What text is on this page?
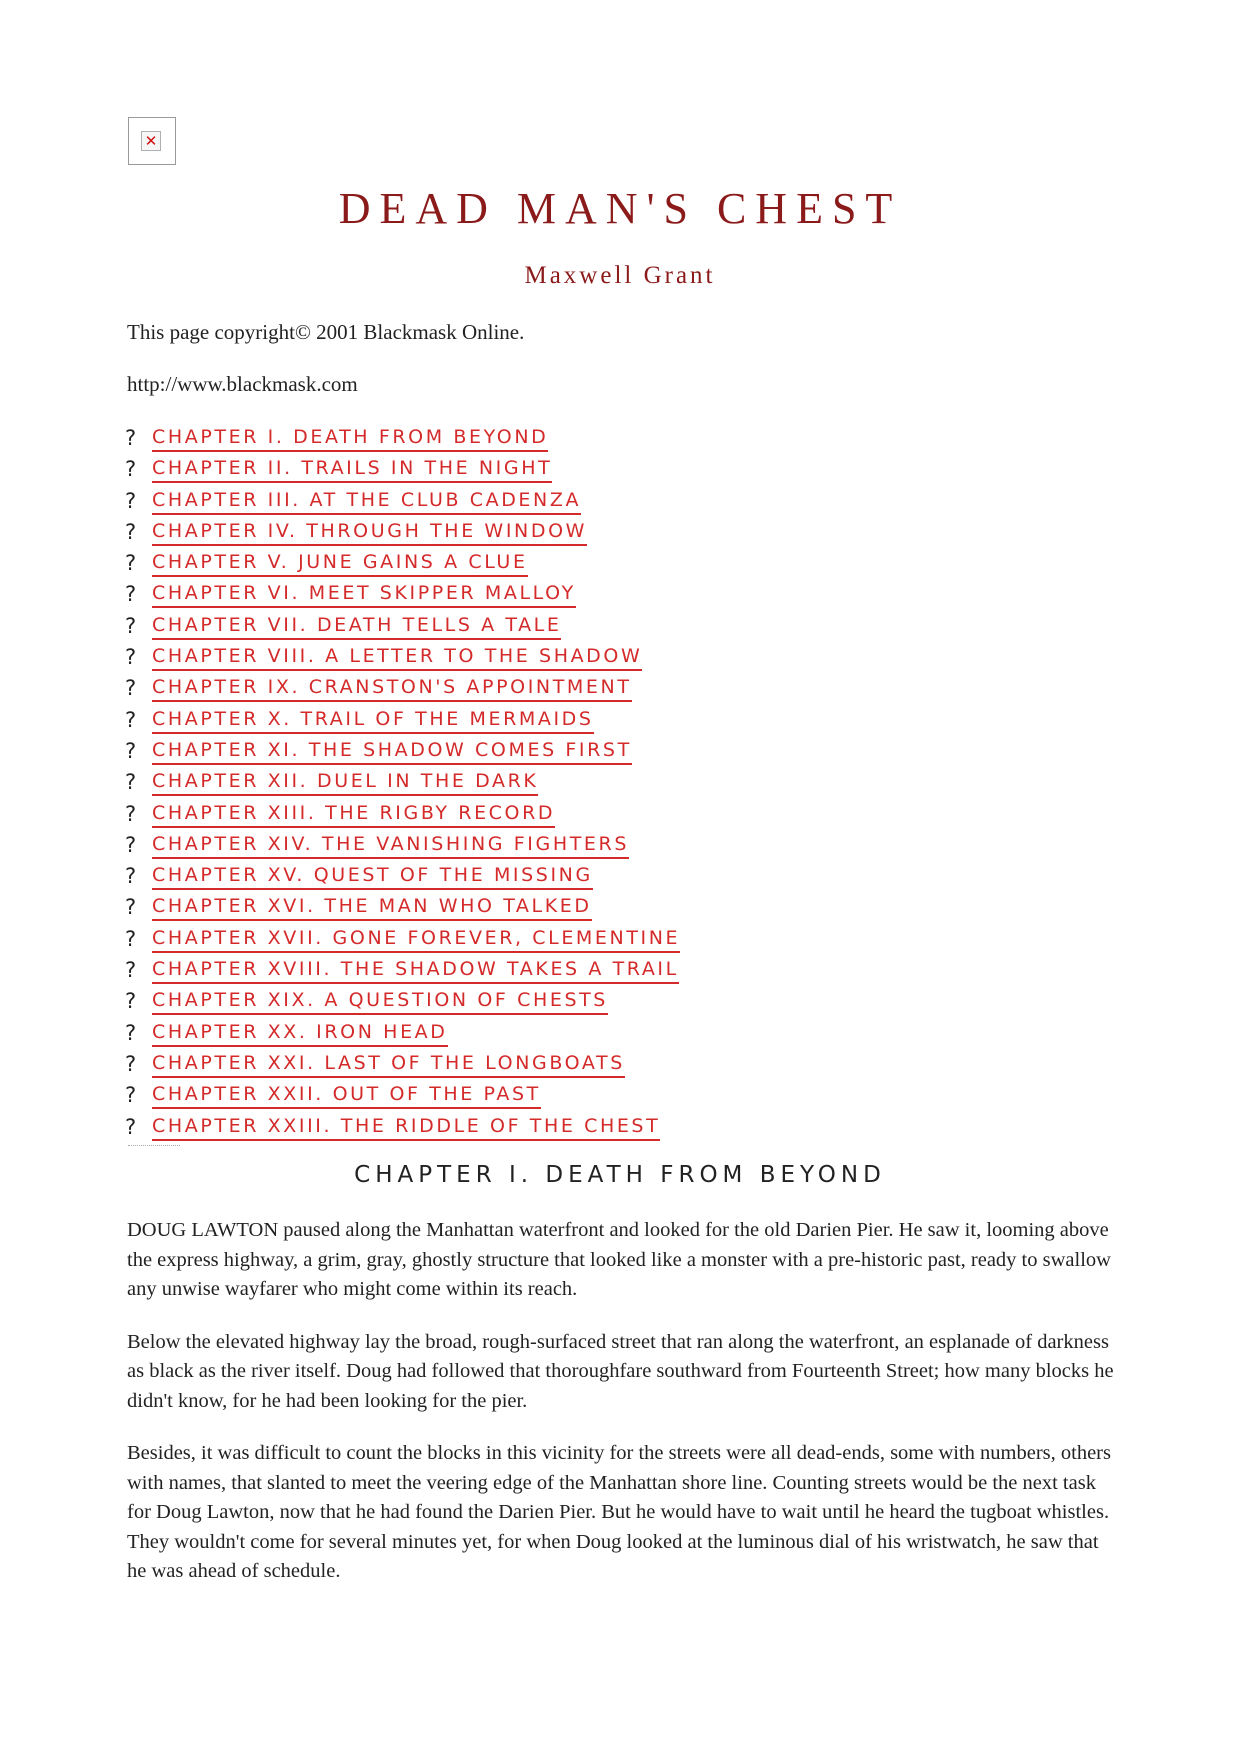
✕
DEAD MAN'S CHEST
Maxwell Grant
This page copyright© 2001 Blackmask Online.
http://www.blackmask.com
? CHAPTER I. DEATH FROM BEYOND
? CHAPTER II. TRAILS IN THE NIGHT
? CHAPTER III. AT THE CLUB CADENZA
? CHAPTER IV. THROUGH THE WINDOW
? CHAPTER V. JUNE GAINS A CLUE
? CHAPTER VI. MEET SKIPPER MALLOY
? CHAPTER VII. DEATH TELLS A TALE
? CHAPTER VIII. A LETTER TO THE SHADOW
? CHAPTER IX. CRANSTON'S APPOINTMENT
? CHAPTER X. TRAIL OF THE MERMAIDS
? CHAPTER XI. THE SHADOW COMES FIRST
? CHAPTER XII. DUEL IN THE DARK
? CHAPTER XIII. THE RIGBY RECORD
? CHAPTER XIV. THE VANISHING FIGHTERS
? CHAPTER XV. QUEST OF THE MISSING
? CHAPTER XVI. THE MAN WHO TALKED
? CHAPTER XVII. GONE FOREVER, CLEMENTINE
? CHAPTER XVIII. THE SHADOW TAKES A TRAIL
? CHAPTER XIX. A QUESTION OF CHESTS
? CHAPTER XX. IRON HEAD
? CHAPTER XXI. LAST OF THE LONGBOATS
? CHAPTER XXII. OUT OF THE PAST
? CHAPTER XXIII. THE RIDDLE OF THE CHEST
CHAPTER I. DEATH FROM BEYOND

DOUG LAWTON paused along the Manhattan waterfront and looked for the old Darien Pier. He saw it, looming above the express highway, a grim, gray, ghostly structure that looked like a monster with a pre-historic past, ready to swallow any unwise wayfarer who might come within its reach.

Below the elevated highway lay the broad, rough-surfaced street that ran along the waterfront, an esplanade of darkness as black as the river itself. Doug had followed that thoroughfare southward from Fourteenth Street; how many blocks he didn't know, for he had been looking for the pier.

Besides, it was difficult to count the blocks in this vicinity for the streets were all dead-ends, some with numbers, others with names, that slanted to meet the veering edge of the Manhattan shore line. Counting streets would be the next task for Doug Lawton, now that he had found the Darien Pier. But he would have to wait until he heard the tugboat whistles. They wouldn't come for several minutes yet, for when Doug looked at the luminous dial of his wristwatch, he saw that he was ahead of schedule.
